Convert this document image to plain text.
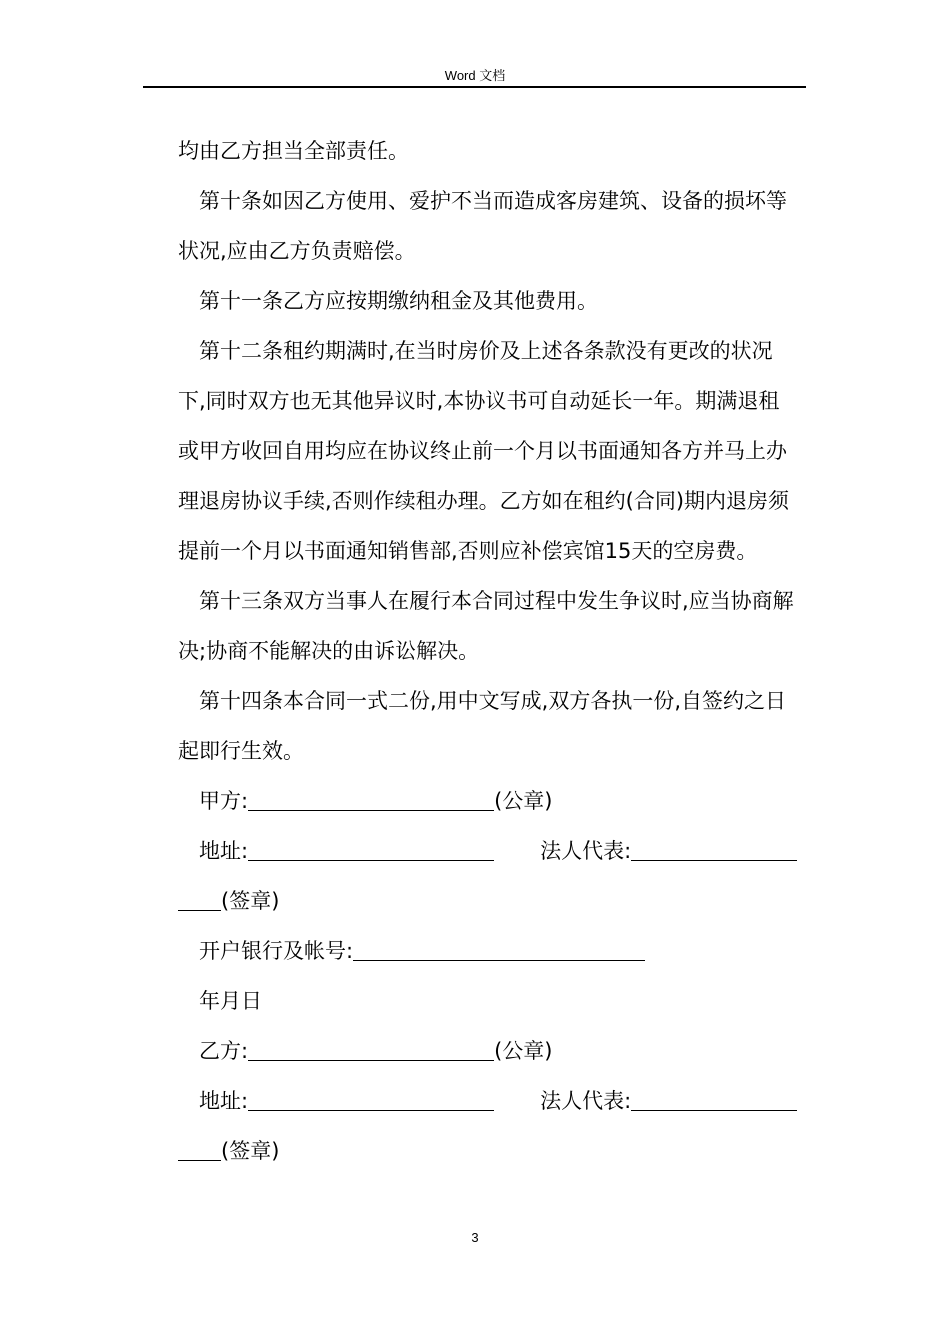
Word 文档

均由乙方担当全部责任。

第十条如因乙方使用、爱护不当而造成客房建筑、设备的损坏等状况,应由乙方负责赔偿。

第十一条乙方应按期缴纳租金及其他费用。

第十二条租约期满时,在当时房价及上述各条款没有更改的状况下,同时双方也无其他异议时,本协议书可自动延长一年。期满退租或甲方收回自用均应在协议终止前一个月以书面通知各方并马上办理退房协议手续,否则作续租办理。乙方如在租约(合同)期内退房须提前一个月以书面通知销售部,否则应补偿宾馆15天的空房费。

第十三条双方当事人在履行本合同过程中发生争议时,应当协商解决;协商不能解决的由诉讼解决。

第十四条本合同一式二份,用中文写成,双方各执一份,自签约之日起即行生效。

甲方:	(公章)
地址:	法人代表:
(签章)
开户银行及帐号:
年月日
乙方:	(公章)
地址:	法人代表:
(签章)
3
